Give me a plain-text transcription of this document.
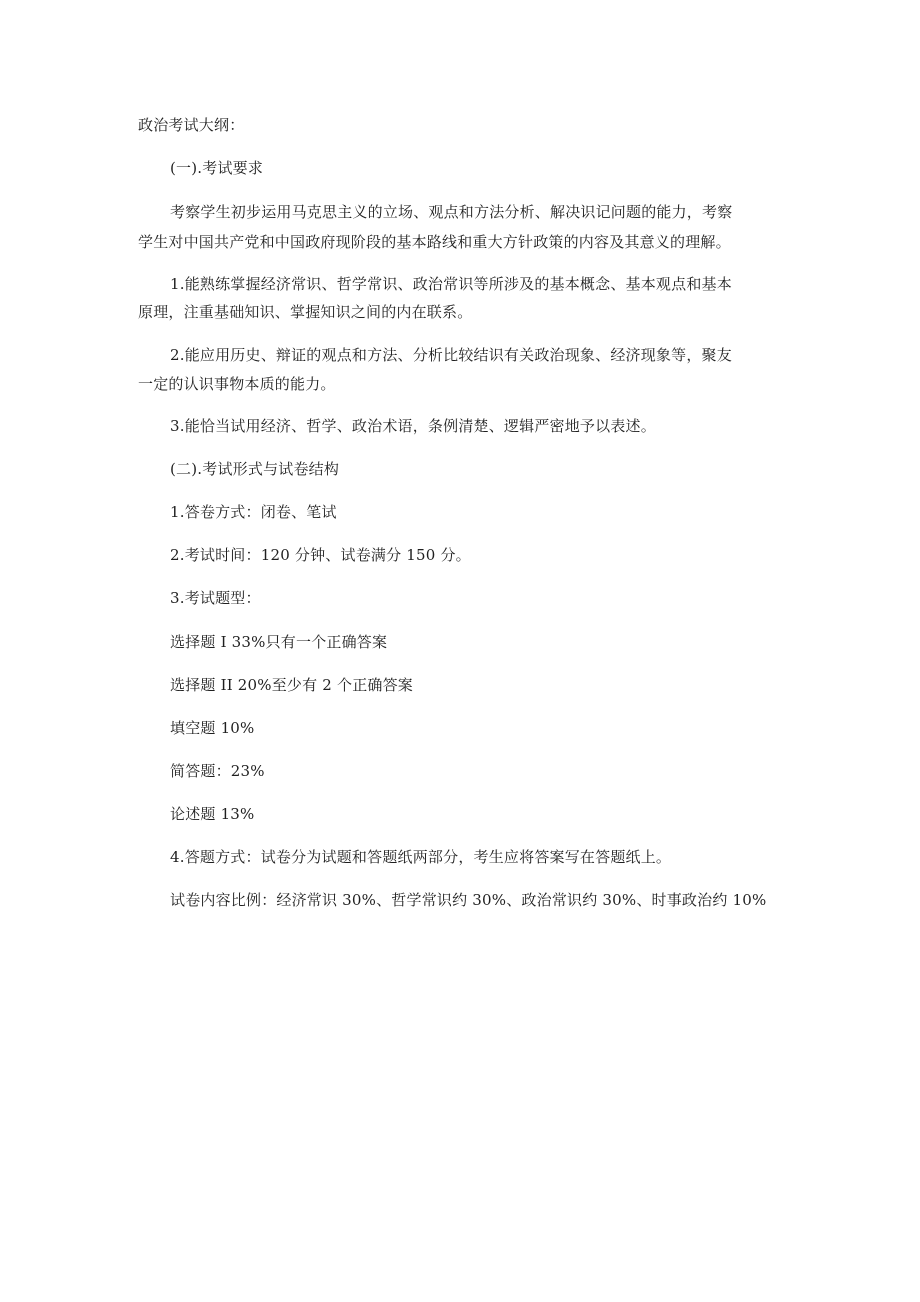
政治考试大纲：
(一).考试要求
考察学生初步运用马克思主义的立场、观点和方法分析、解决识记问题的能力，考察
学生对中国共产党和中国政府现阶段的基本路线和重大方针政策的内容及其意义的理解。
1.能熟练掌握经济常识、哲学常识、政治常识等所涉及的基本概念、基本观点和基本
原理，注重基础知识、掌握知识之间的内在联系。
2.能应用历史、辩证的观点和方法、分析比较结识有关政治现象、经济现象等，聚友
一定的认识事物本质的能力。
3.能恰当试用经济、哲学、政治术语，条例清楚、逻辑严密地予以表述。
(二).考试形式与试卷结构
1.答卷方式：闭卷、笔试
2.考试时间：120 分钟、试卷满分 150 分。
3.考试题型：
选择题 I 33%只有一个正确答案
选择题 II 20%至少有 2 个正确答案
填空题 10%
简答题：23%
论述题 13%
4.答题方式：试卷分为试题和答题纸两部分，考生应将答案写在答题纸上。
试卷内容比例：经济常识 30%、哲学常识约 30%、政治常识约 30%、时事政治约 10%
